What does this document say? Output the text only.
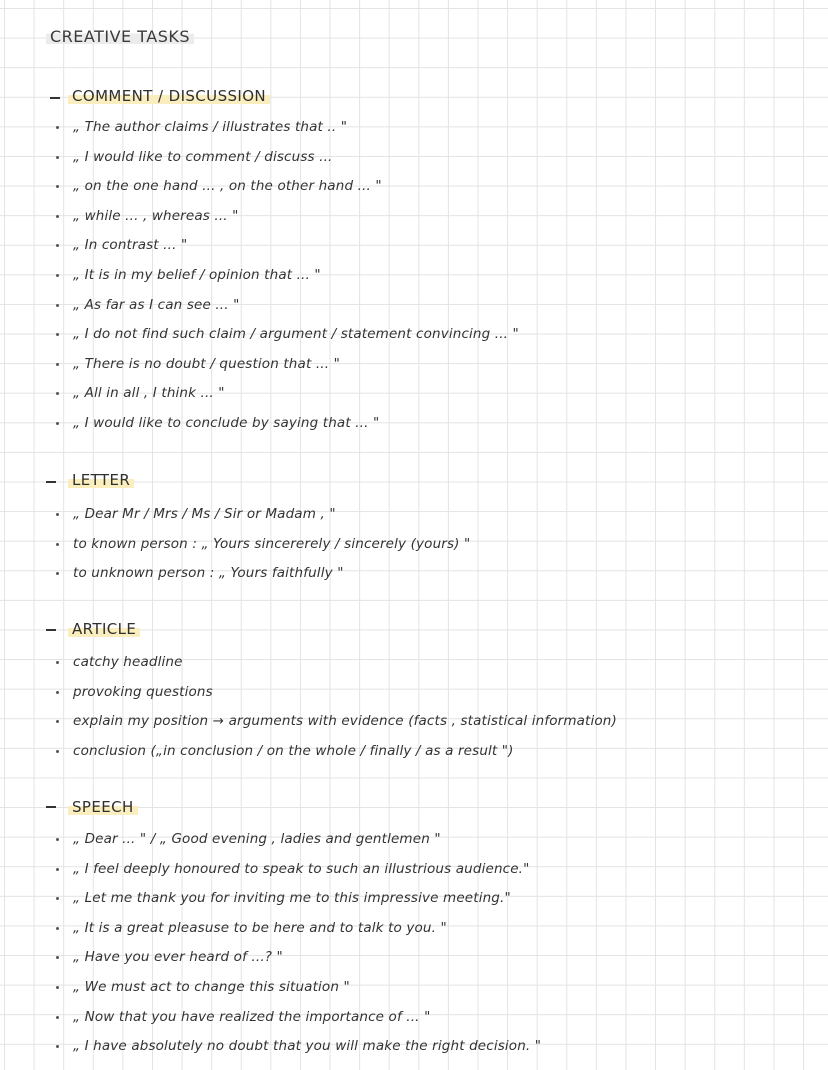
CREATIVE TASKS
COMMENT / DISCUSSION
„ The author claims / illustrates that .. "
„ I would like to comment / discuss ...
„ on the one hand ... , on the other hand ... "
„ while ... , whereas ... "
„ In contrast ... "
„ It is in my belief / opinion that ... "
„ As far as I can see ... "
„ I do not find such claim / argument / statement convincing ... "
„ There is no doubt / question that ... "
„ All in all , I think ... "
„ I would like to conclude by saying that ... "
LETTER
„ Dear Mr / Mrs / Ms / Sir or Madam , "
to known person : „ Yours sincererely / sincerely (yours) "
to unknown person : „ Yours faithfully "
ARTICLE
catchy headline
provoking questions
explain my position → arguments with evidence (facts , statistical information)
conclusion („in conclusion / on the whole / finally / as a result ")
SPEECH
„ Dear ... " / „ Good evening , ladies and gentlemen "
„ I feel deeply honoured to speak to such an illustrious audience."
„ Let me thank you for inviting me to this impressive meeting."
„ It is a great pleasuse to be here and to talk to you. "
„ Have you ever heard of ...? "
„ We must act to change this situation "
„ Now that you have realized the importance of ... "
„ I have absolutely no doubt that you will make the right decision. "
